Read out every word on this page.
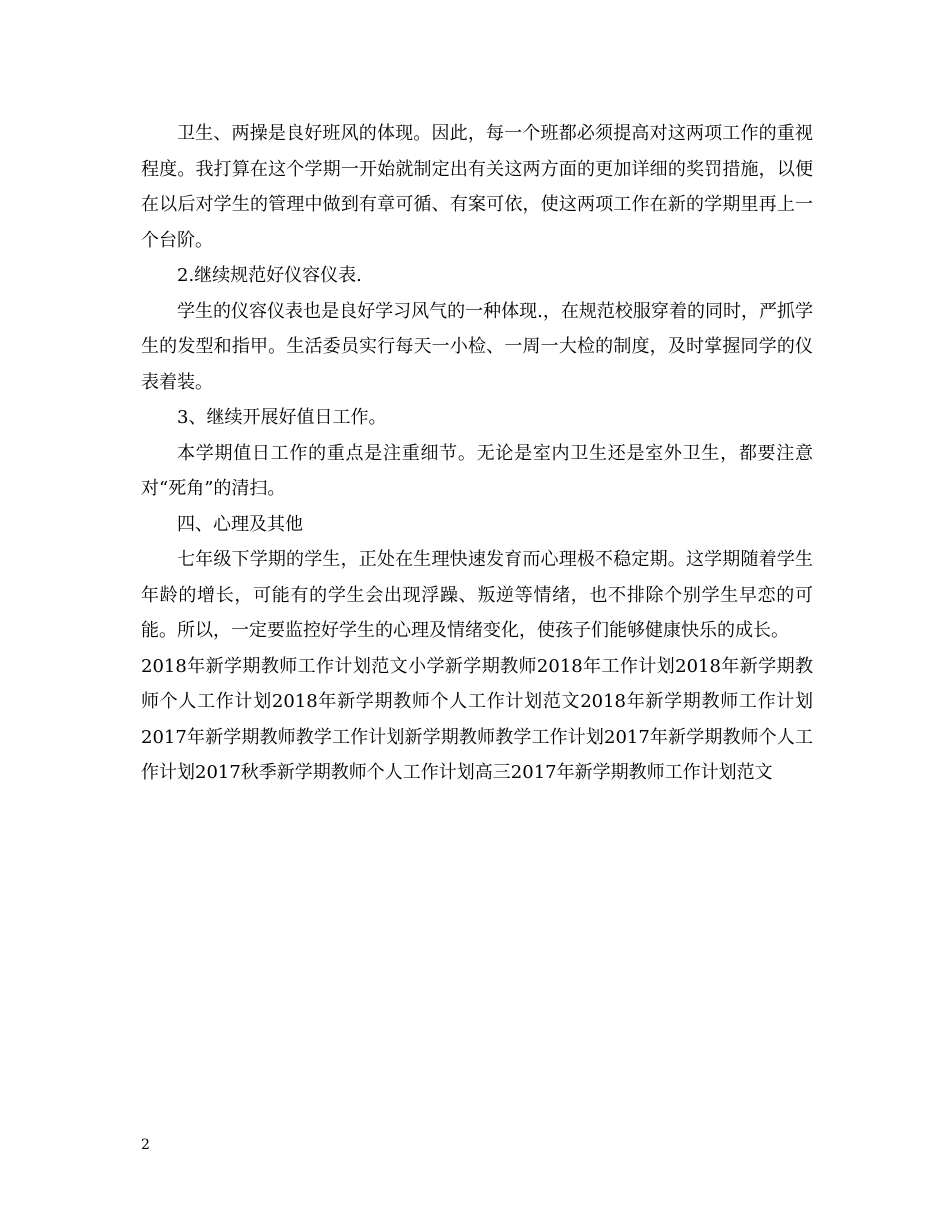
卫生、两操是良好班风的体现。因此，每一个班都必须提高对这两项工作的重视程度。我打算在这个学期一开始就制定出有关这两方面的更加详细的奖罚措施，以便在以后对学生的管理中做到有章可循、有案可依，使这两项工作在新的学期里再上一个台阶。

2.继续规范好仪容仪表.

学生的仪容仪表也是良好学习风气的一种体现.，在规范校服穿着的同时，严抓学生的发型和指甲。生活委员实行每天一小检、一周一大检的制度，及时掌握同学的仪表着装。

3、继续开展好值日工作。

本学期值日工作的重点是注重细节。无论是室内卫生还是室外卫生，都要注意对“死角”的清扫。

四、心理及其他

七年级下学期的学生，正处在生理快速发育而心理极不稳定期。这学期随着学生年龄的增长，可能有的学生会出现浮躁、叛逆等情绪，也不排除个别学生早恋的可能。所以，一定要监控好学生的心理及情绪变化，使孩子们能够健康快乐的成长。

2018年新学期教师工作计划范文小学新学期教师2018年工作计划2018年新学期教师个人工作计划2018年新学期教师个人工作计划范文2018年新学期教师工作计划2017年新学期教师教学工作计划新学期教师教学工作计划2017年新学期教师个人工作计划2017秋季新学期教师个人工作计划高三2017年新学期教师工作计划范文

2
